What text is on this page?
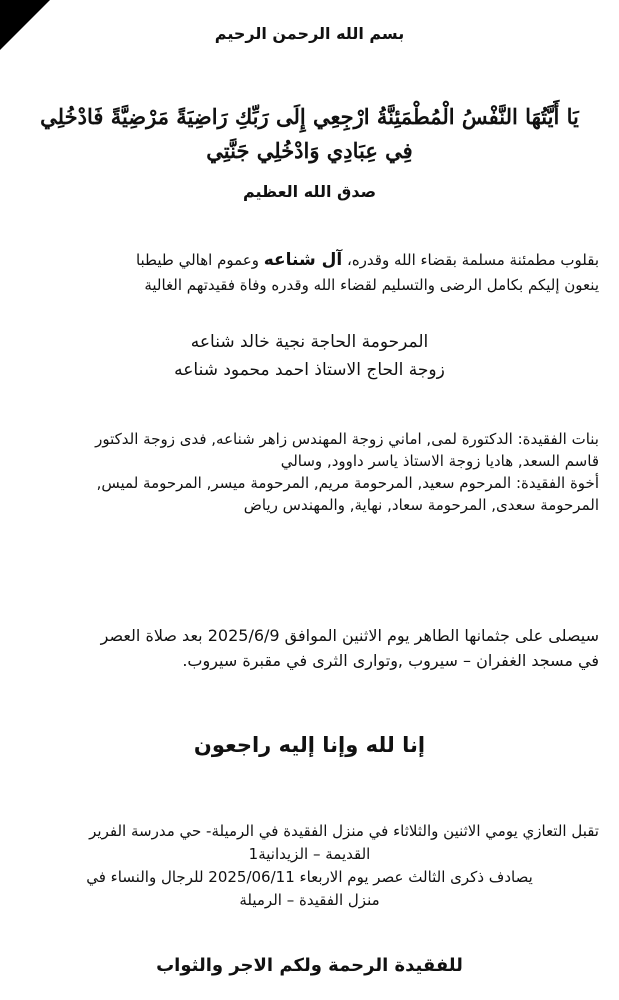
بسم الله الرحمن الرحيم
يَا أَيَّتُهَا النَّفْسُ الْمُطْمَئِنَّةُ ارْجِعِي إِلَى رَبِّكِ رَاضِيَةً مَرْضِيَّةً فَادْخُلِي
فِي عِبَادِي وَادْخُلِي جَنَّتِي
صدق الله العظيم
بقلوب مطمئنة مسلمة بقضاء الله وقدره، آل شناعه وعموم اهالي طيطبا
ينعون إليكم بكامل الرضى والتسليم لقضاء الله وقدره وفاة فقيدتهم الغالية
المرحومة الحاجة نجية خالد شناعه
زوجة الحاج الاستاذ احمد محمود شناعه
بنات الفقيدة: الدكتورة لمى, اماني زوجة المهندس زاهر شناعه, فدى زوجة الدكتور
قاسم السعد, هاديا زوجة الاستاذ ياسر داوود, وسالي
أخوة الفقيدة: المرحوم سعيد, المرحومة مريم, المرحومة ميسر, المرحومة لميس,
المرحومة سعدى, المرحومة سعاد, نهاية, والمهندس رياض
سيصلى على جثمانها الطاهر يوم الاثنين الموافق 2025/6/9 بعد صلاة العصر
في مسجد الغفران – سيروب ,وتوارى الثرى في مقبرة سيروب.
إنا لله وإنا إليه راجعون
تقبل التعازي يومي الاثنين والثلاثاء في منزل الفقيدة في الرميلة- حي مدرسة الفرير
القديمة – الزيدانية1
يصادف ذكرى الثالث عصر يوم الاربعاء 2025/06/11 للرجال والنساء في
منزل الفقيدة – الرميلة
للفقيدة الرحمة ولكم الاجر والثواب
